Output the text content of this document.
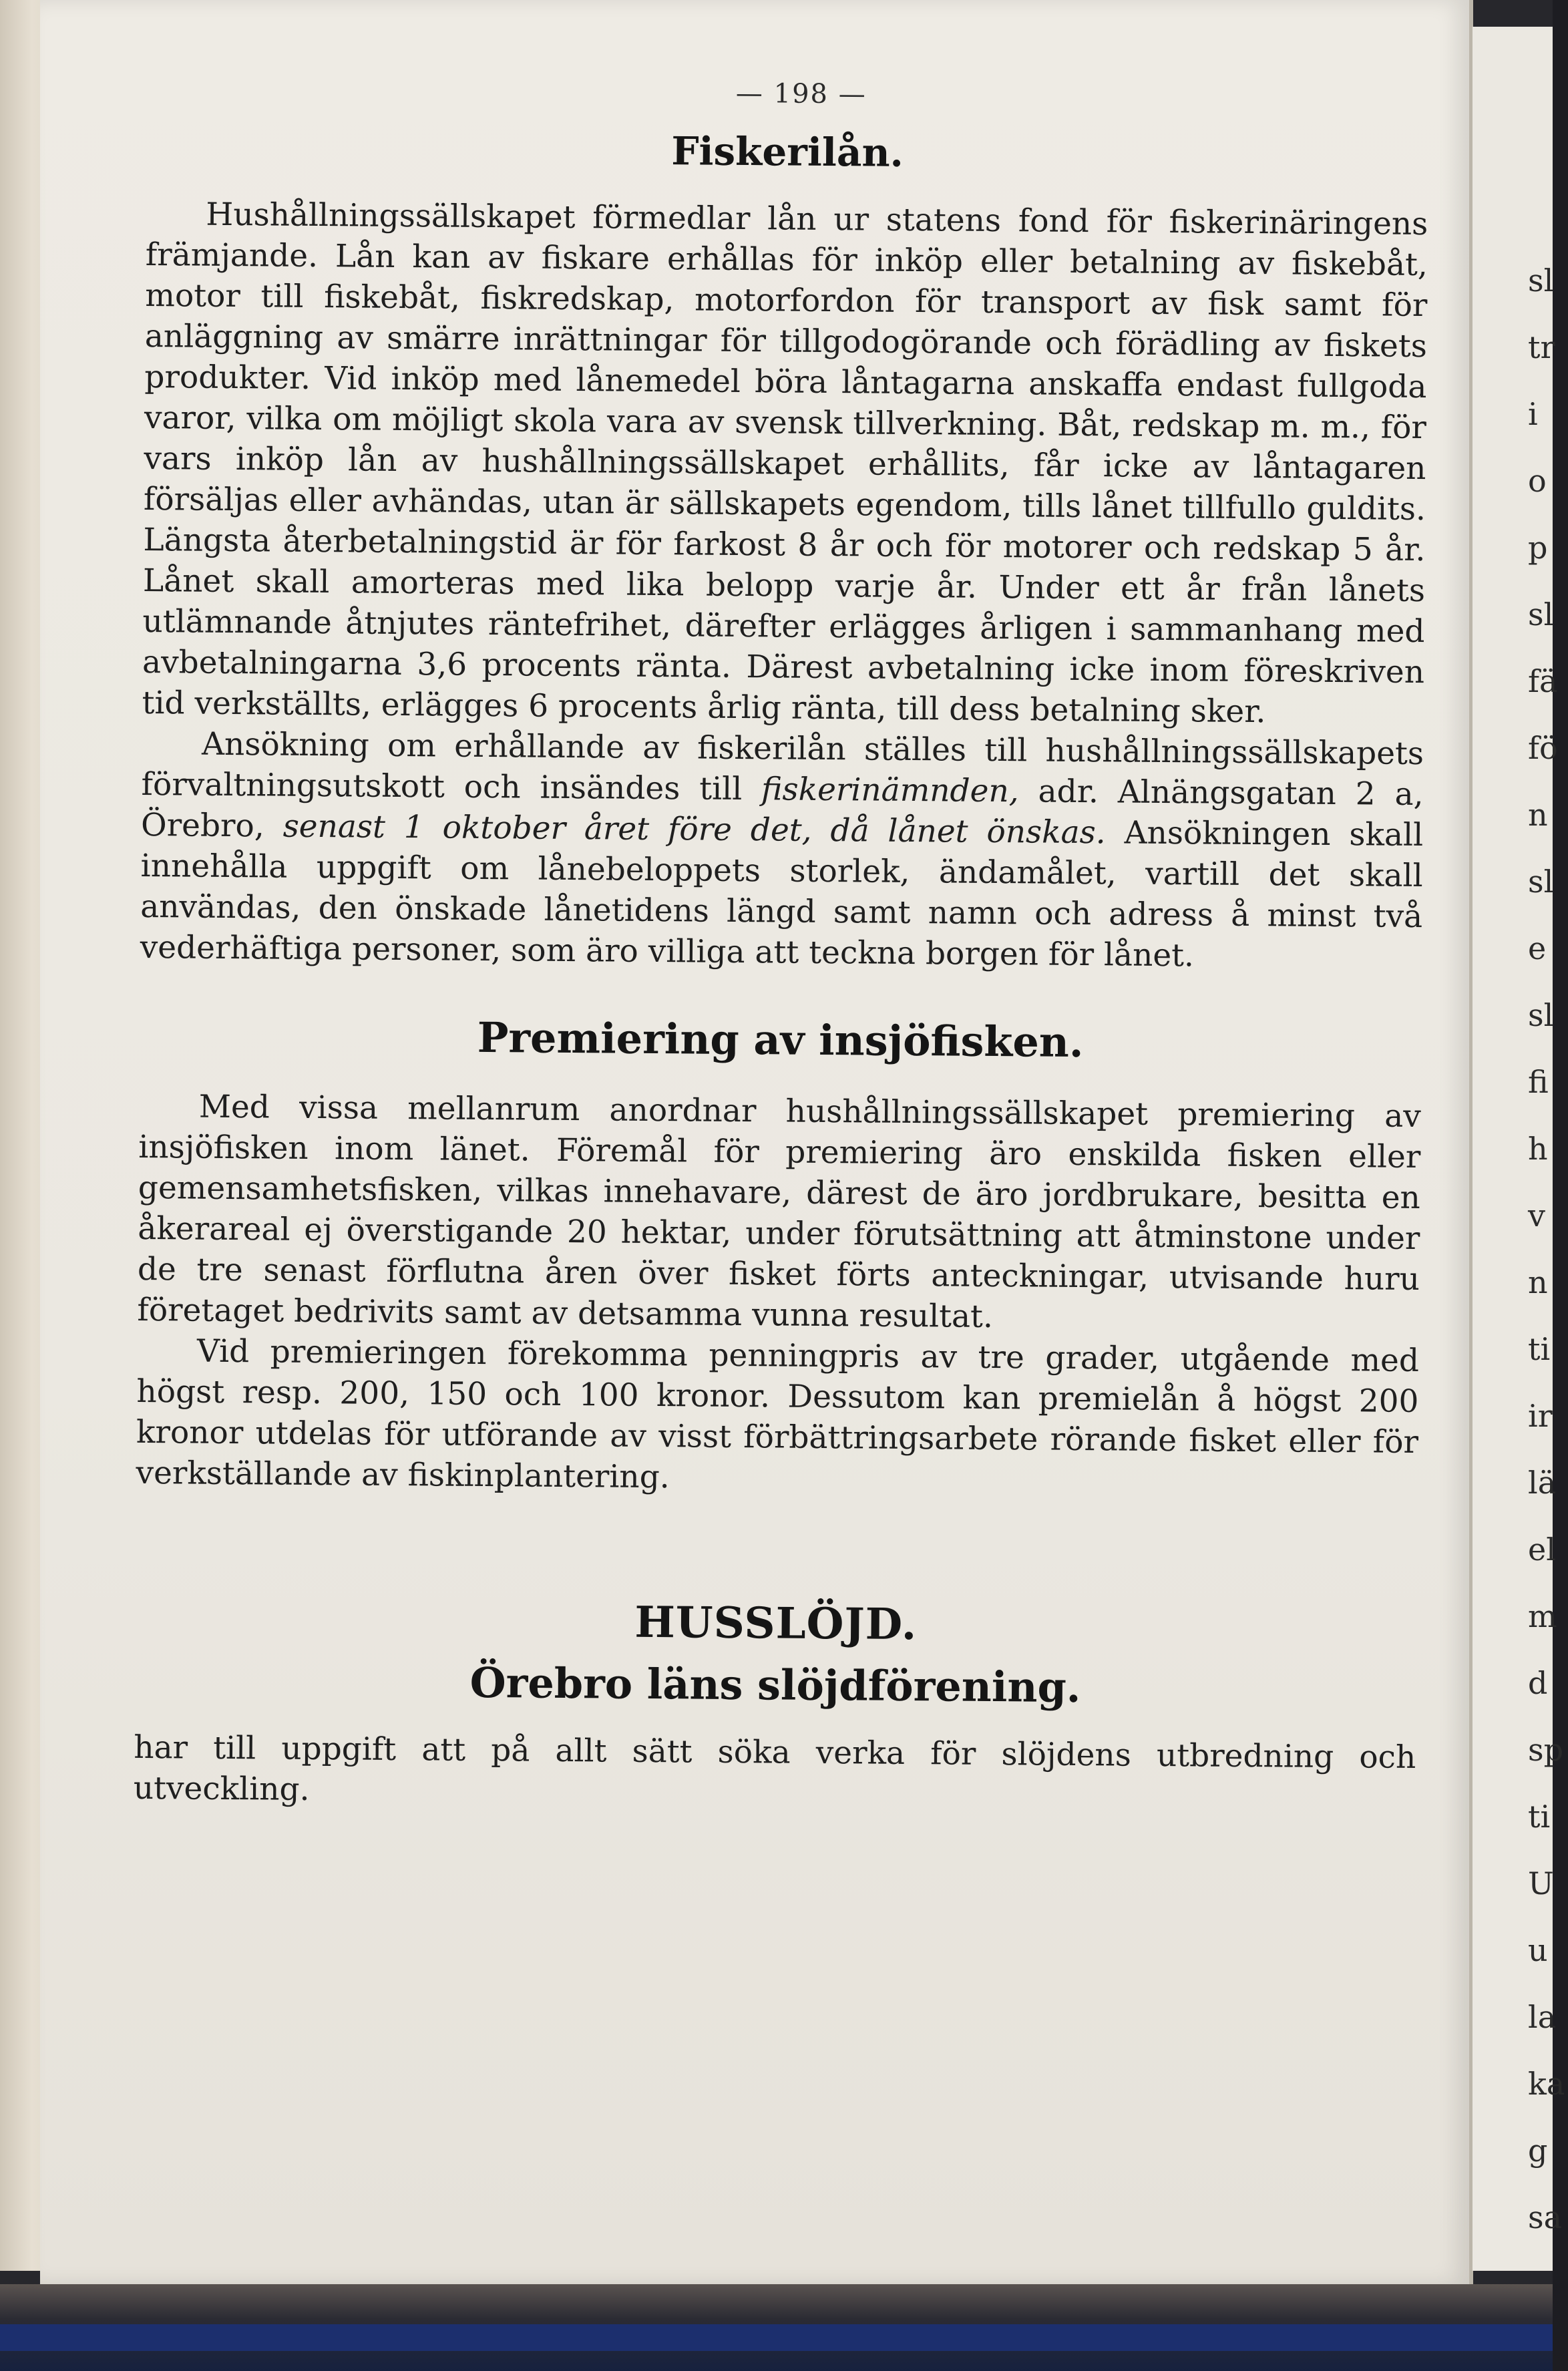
sl
tr
i
o
p
sl
fä
fö
n
sl
e
sl
fi
h
v
n
ti
ir
lä
el
m
d
sp
ti
U
u
la
ka
g
sa
— 198 —
Fiskerilån.

Hushållningssällskapet förmedlar lån ur statens fond för fiskerinäringens främjande. Lån kan av fiskare erhållas för inköp eller betalning av fiskebåt, motor till fiskebåt, fiskredskap, motorfordon för transport av fisk samt för anläggning av smärre inrättningar för tillgodogörande och förädling av fiskets produkter. Vid inköp med lånemedel böra låntagarna anskaffa endast fullgoda varor, vilka om möjligt skola vara av svensk tillverkning. Båt, redskap m. m., för vars inköp lån av hushållningssällskapet erhållits, får icke av låntagaren försäljas eller avhändas, utan är sällskapets egendom, tills lånet tillfullo guldits. Längsta återbetalningstid är för farkost 8 år och för motorer och redskap 5 år. Lånet skall amorteras med lika belopp varje år. Under ett år från lånets utlämnande åtnjutes räntefrihet, därefter erlägges årligen i sammanhang med avbetalningarna 3,6 procents ränta. Därest avbetalning icke inom föreskriven tid verkställts, erlägges 6 procents årlig ränta, till dess betalning sker.

Ansökning om erhållande av fiskerilån ställes till hushållningssällskapets förvaltningsutskott och insändes till fiskerinämnden, adr. Alnängsgatan 2 a, Örebro, senast 1 oktober året före det, då lånet önskas. Ansökningen skall innehålla uppgift om lånebeloppets storlek, ändamålet, vartill det skall användas, den önskade lånetidens längd samt namn och adress å minst två vederhäftiga personer, som äro villiga att teckna borgen för lånet.

Premiering av insjöfisken.

Med vissa mellanrum anordnar hushållningssällskapet premiering av insjöfisken inom länet. Föremål för premiering äro enskilda fisken eller gemensamhetsfisken, vilkas innehavare, därest de äro jordbrukare, besitta en åkerareal ej överstigande 20 hektar, under förutsättning att åtminstone under de tre senast förflutna åren över fisket förts anteckningar, utvisande huru företaget bedrivits samt av detsamma vunna resultat.

Vid premieringen förekomma penningpris av tre grader, utgående med högst resp. 200, 150 och 100 kronor. Dessutom kan premielån å högst 200 kronor utdelas för utförande av visst förbättringsarbete rörande fisket eller för verkställande av fiskinplantering.

HUSSLÖJD.
Örebro läns slöjdförening.

har till uppgift att på allt sätt söka verka för slöjdens utbredning och utveckling.
